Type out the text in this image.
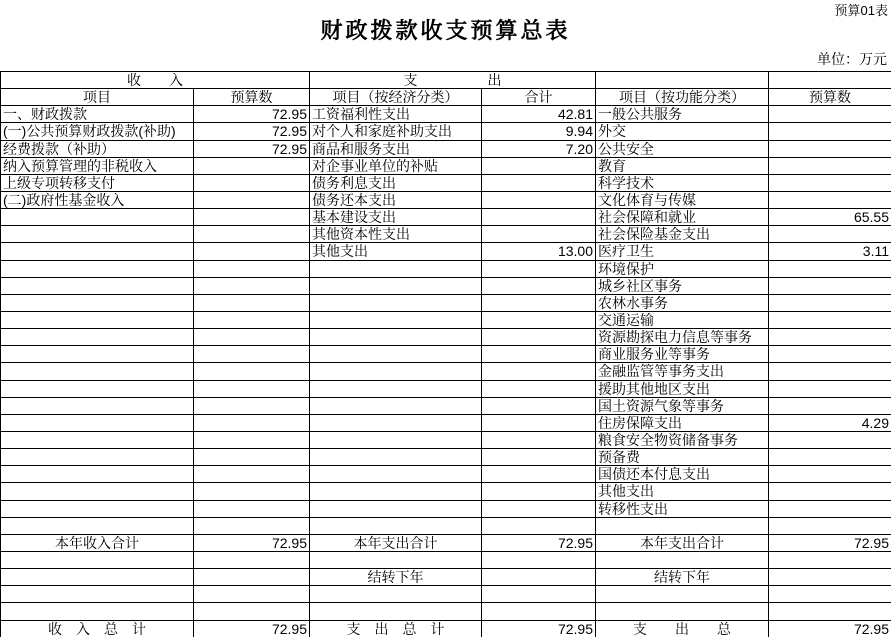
预算01表
财政拨款收支预算总表
单位：万元
收　　入		支　　　　　出			
项目	预算数	项目（按经济分类）	合计	项目（按功能分类）	预算数
一、财政拨款	72.95	工资福利性支出	42.81	一般公共服务	
(一)公共预算财政拨款(补助)	72.95	对个人和家庭补助支出	9.94	外交	
经费拨款（补助）	72.95	商品和服务支出	7.20	公共安全	
纳入预算管理的非税收入		对企事业单位的补贴		教育	
上级专项转移支付		债务利息支出		科学技术	
(二)政府性基金收入		债务还本支出		文化体育与传媒	
		基本建设支出		社会保障和就业	65.55
		其他资本性支出		社会保险基金支出	
		其他支出	13.00	医疗卫生	3.11
				环境保护	
				城乡社区事务	
				农林水事务	
				交通运输	
				资源勘探电力信息等事务	
				商业服务业等事务	
				金融监管等事务支出	
				援助其他地区支出	
				国土资源气象等事务	
				住房保障支出	4.29
				粮食安全物资储备事务	
				预备费	
				国债还本付息支出	
				其他支出	
				转移性支出	

本年收入合计	72.95	本年支出合计	72.95	本年支出合计	72.95

		结转下年		结转下年	

收　入　总　计	72.95	支　出　总　计	72.95	支　　出　　总	72.95
